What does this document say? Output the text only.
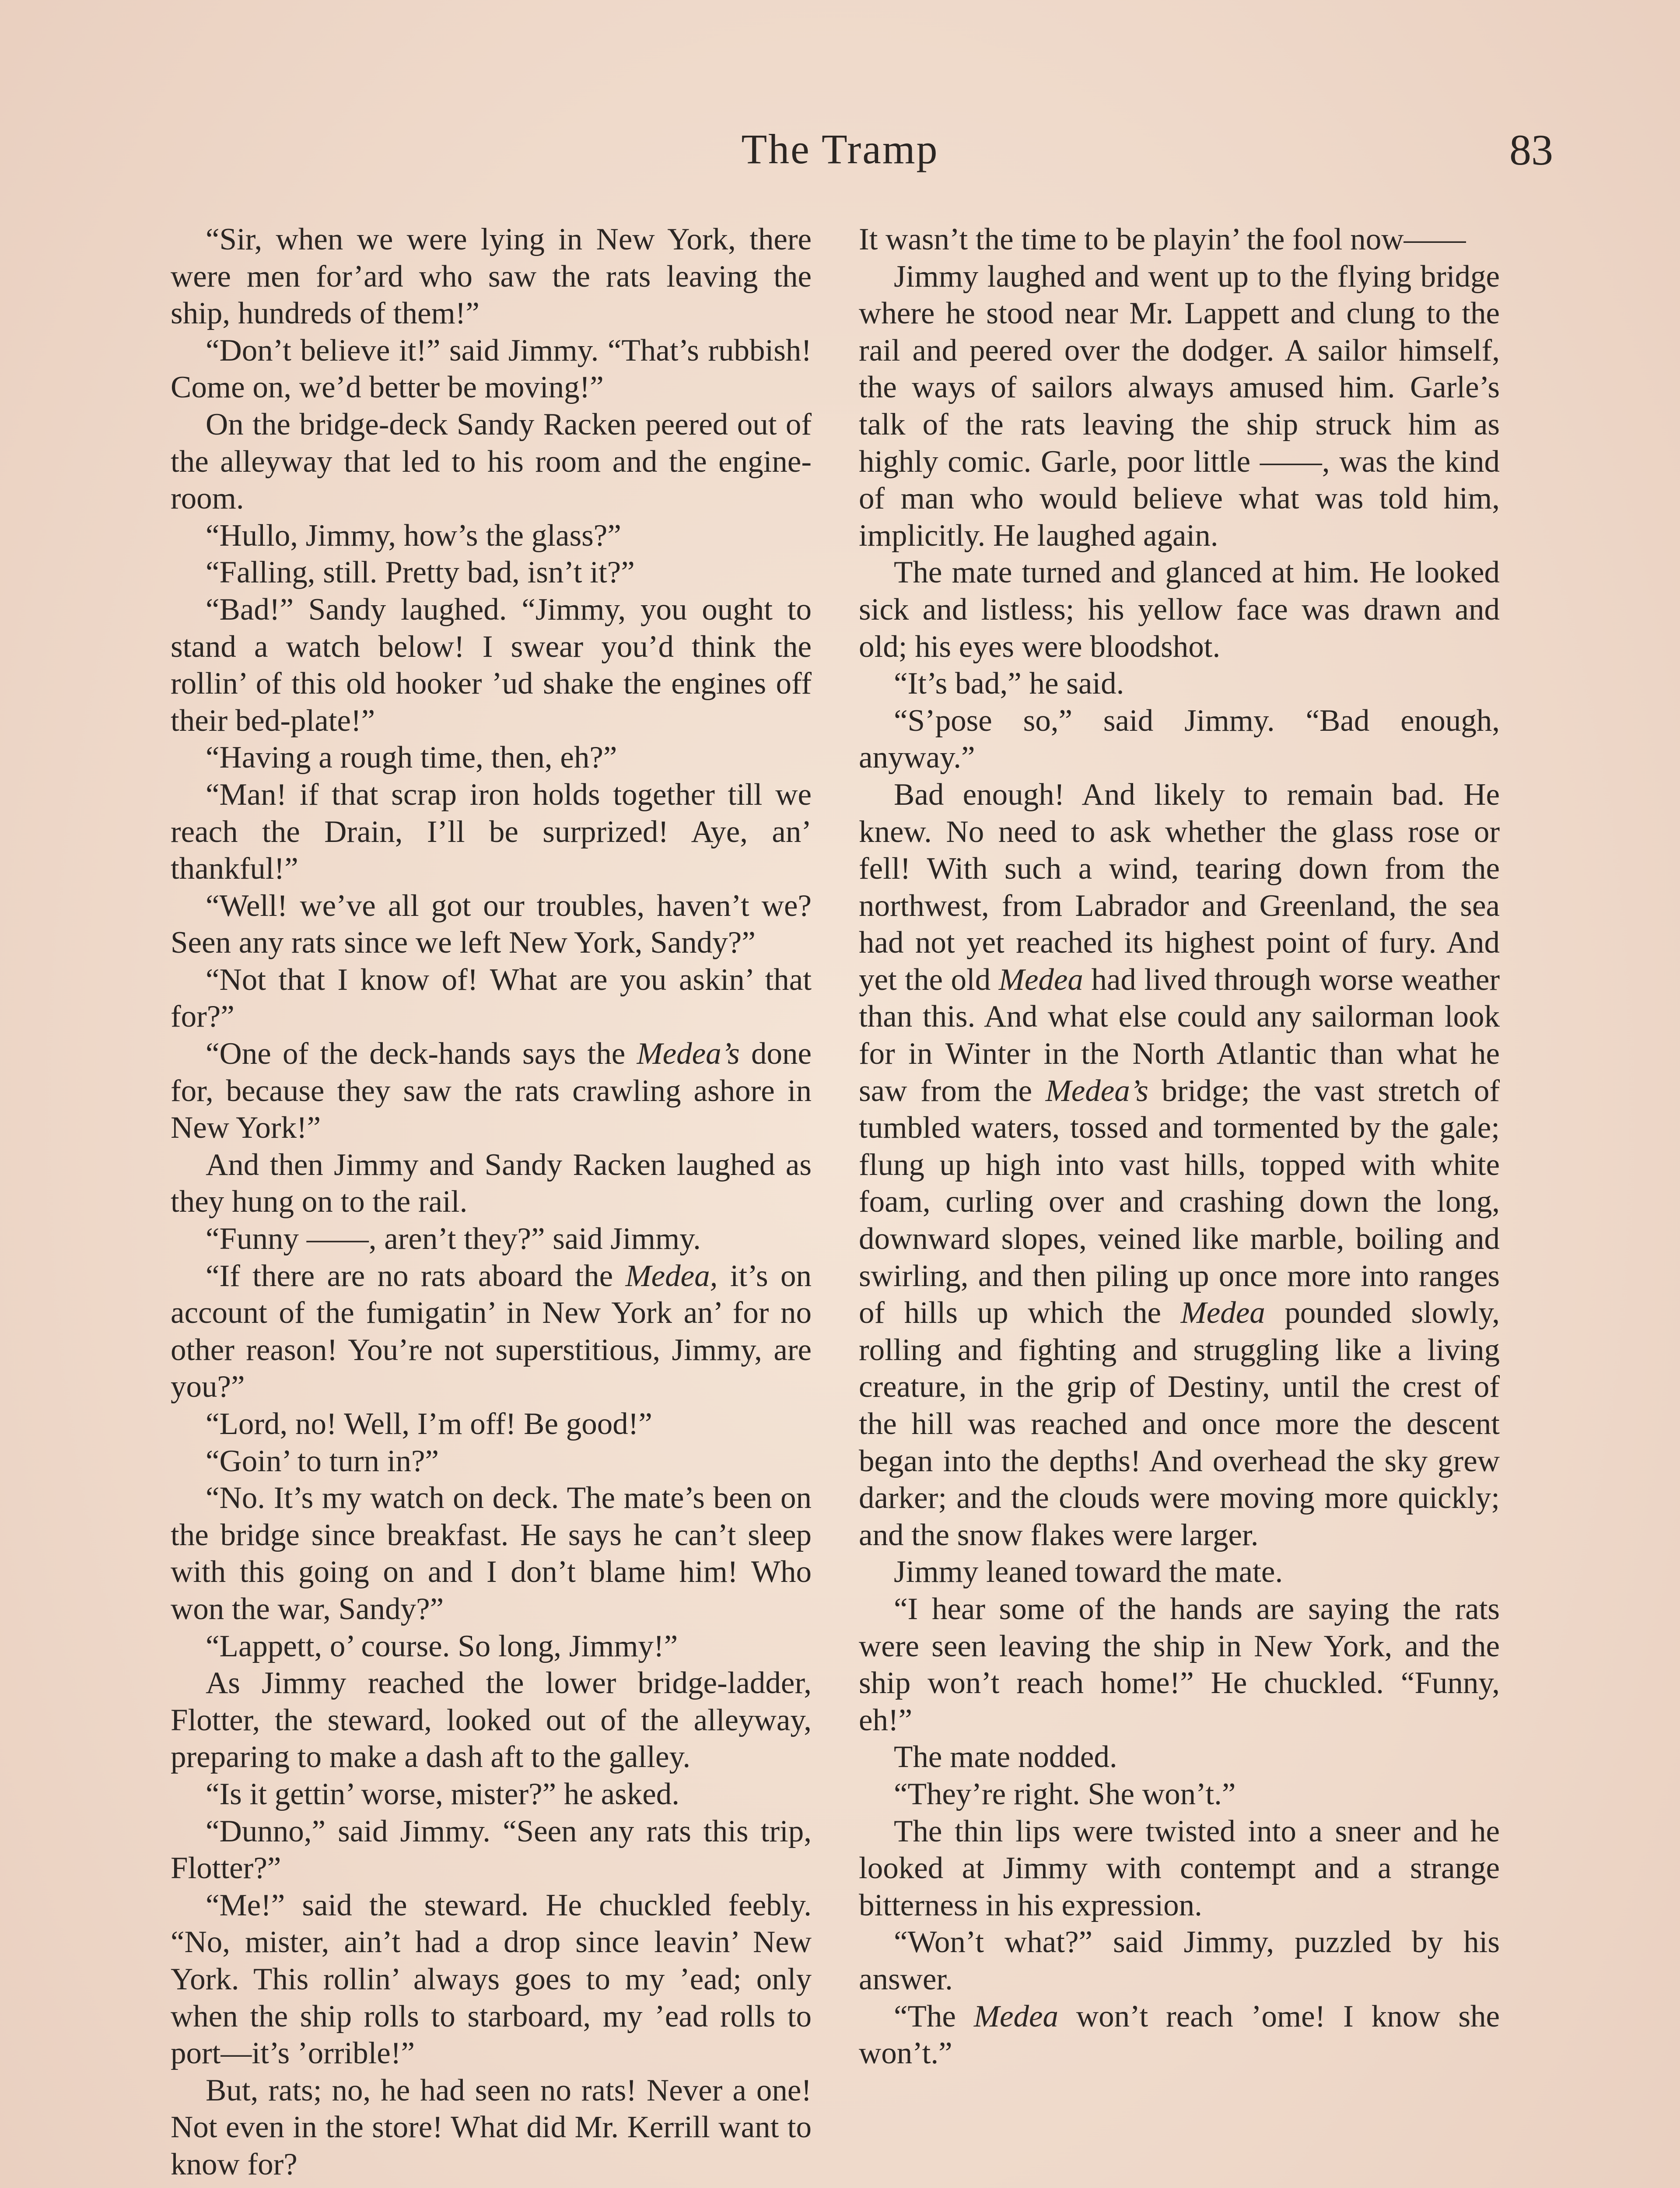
The Tramp	83

“Sir, when we were lying in New York, there were men for’ard who saw the rats leaving the ship, hundreds of them!”

“Don’t believe it!” said Jimmy. “That’s rubbish! Come on, we’d better be moving!”

On the bridge-deck Sandy Racken peered out of the alleyway that led to his room and the engine-room.

“Hullo, Jimmy, how’s the glass?”

“Falling, still. Pretty bad, isn’t it?”

“Bad!” Sandy laughed. “Jimmy, you ought to stand a watch below! I swear you’d think the rollin’ of this old hooker ’ud shake the engines off their bed-plate!”

“Having a rough time, then, eh?”

“Man! if that scrap iron holds together till we reach the Drain, I’ll be surprized! Aye, an’ thankful!”

“Well! we’ve all got our troubles, haven’t we? Seen any rats since we left New York, Sandy?”

“Not that I know of! What are you askin’ that for?”

“One of the deck-hands says the Medea’s done for, because they saw the rats crawling ashore in New York!”

And then Jimmy and Sandy Racken laughed as they hung on to the rail.

“Funny ——, aren’t they?” said Jimmy.

“If there are no rats aboard the Medea, it’s on account of the fumigatin’ in New York an’ for no other reason! You’re not superstitious, Jimmy, are you?”

“Lord, no! Well, I’m off! Be good!”

“Goin’ to turn in?”

“No. It’s my watch on deck. The mate’s been on the bridge since breakfast. He says he can’t sleep with this going on and I don’t blame him! Who won the war, Sandy?”

“Lappett, o’ course. So long, Jimmy!”

As Jimmy reached the lower bridge-ladder, Flotter, the steward, looked out of the alleyway, preparing to make a dash aft to the galley.

“Is it gettin’ worse, mister?” he asked.

“Dunno,” said Jimmy. “Seen any rats this trip, Flotter?”

“Me!” said the steward. He chuckled feebly. “No, mister, ain’t had a drop since leavin’ New York. This rollin’ always goes to my ’ead; only when the ship rolls to starboard, my ’ead rolls to port—it’s ’orrible!”

But, rats; no, he had seen no rats! Never a one! Not even in the store! What did Mr. Kerrill want to know for?

It wasn’t the time to be playin’ the fool now——

Jimmy laughed and went up to the flying bridge where he stood near Mr. Lappett and clung to the rail and peered over the dodger. A sailor himself, the ways of sailors always amused him. Garle’s talk of the rats leaving the ship struck him as highly comic. Garle, poor little ——, was the kind of man who would believe what was told him, implicitly. He laughed again.

The mate turned and glanced at him. He looked sick and listless; his yellow face was drawn and old; his eyes were bloodshot.

“It’s bad,” he said.

“S’pose so,” said Jimmy. “Bad enough, anyway.”

Bad enough! And likely to remain bad. He knew. No need to ask whether the glass rose or fell! With such a wind, tearing down from the northwest, from Labrador and Greenland, the sea had not yet reached its highest point of fury. And yet the old Medea had lived through worse weather than this. And what else could any sailorman look for in Winter in the North Atlantic than what he saw from the Medea’s bridge; the vast stretch of tumbled waters, tossed and tormented by the gale; flung up high into vast hills, topped with white foam, curling over and crashing down the long, downward slopes, veined like marble, boiling and swirling, and then piling up once more into ranges of hills up which the Medea pounded slowly, rolling and fighting and struggling like a living creature, in the grip of Destiny, until the crest of the hill was reached and once more the descent began into the depths! And overhead the sky grew darker; and the clouds were moving more quickly; and the snow flakes were larger.

Jimmy leaned toward the mate.

“I hear some of the hands are saying the rats were seen leaving the ship in New York, and the ship won’t reach home!” He chuckled. “Funny, eh!”

The mate nodded.

“They’re right. She won’t.”

The thin lips were twisted into a sneer and he looked at Jimmy with contempt and a strange bitterness in his expression.

“Won’t what?” said Jimmy, puzzled by his answer.

“The Medea won’t reach ’ome! I know she won’t.”
